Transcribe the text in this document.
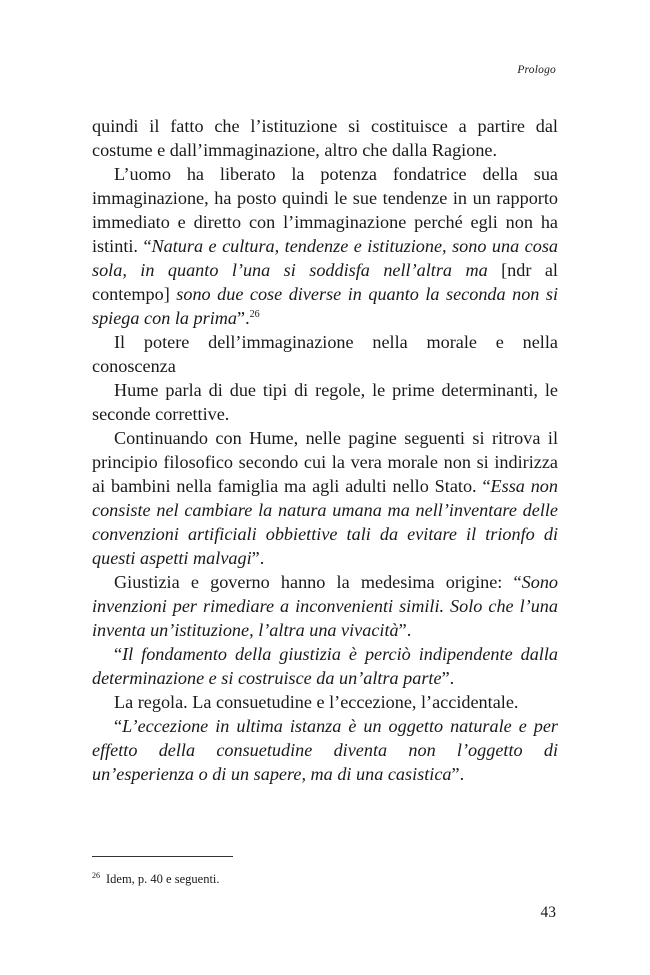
Prologo

quindi il fatto che l’istituzione si costituisce a partire dal costume e dall’immaginazione, altro che dalla Ragione.

L’uomo ha liberato la potenza fondatrice della sua immaginazione, ha posto quindi le sue tendenze in un rapporto immediato e diretto con l’immaginazione perché egli non ha istinti. “Natura e cultura, tendenze e istituzione, sono una cosa sola, in quanto l’una si soddisfa nell’altra ma [ndr al contempo] sono due cose diverse in quanto la seconda non si spiega con la prima”.$^{26}$

Il potere dell’immaginazione nella morale e nella conoscenza

Hume parla di due tipi di regole, le prime determinanti, le seconde correttive.

Continuando con Hume, nelle pagine seguenti si ritrova il principio filosofico secondo cui la vera morale non si indirizza ai bambini nella famiglia ma agli adulti nello Stato. “Essa non consiste nel cambiare la natura umana ma nell’inventare delle convenzioni artificiali obbiettive tali da evitare il trionfo di questi aspetti malvagi”.

Giustizia e governo hanno la medesima origine: “Sono invenzioni per rimediare a inconvenienti simili. Solo che l’una inventa un’istituzione, l’altra una vivacità”.

“Il fondamento della giustizia è perciò indipendente dalla determinazione e si costruisce da un’altra parte”.

La regola. La consuetudine e l’eccezione, l’accidentale.

“L’eccezione in ultima istanza è un oggetto naturale e per effetto della consuetudine diventa non l’oggetto di un’esperienza o di un sapere, ma di una casistica”.

$^{26}$ Idem, p. 40 e seguenti.
43
